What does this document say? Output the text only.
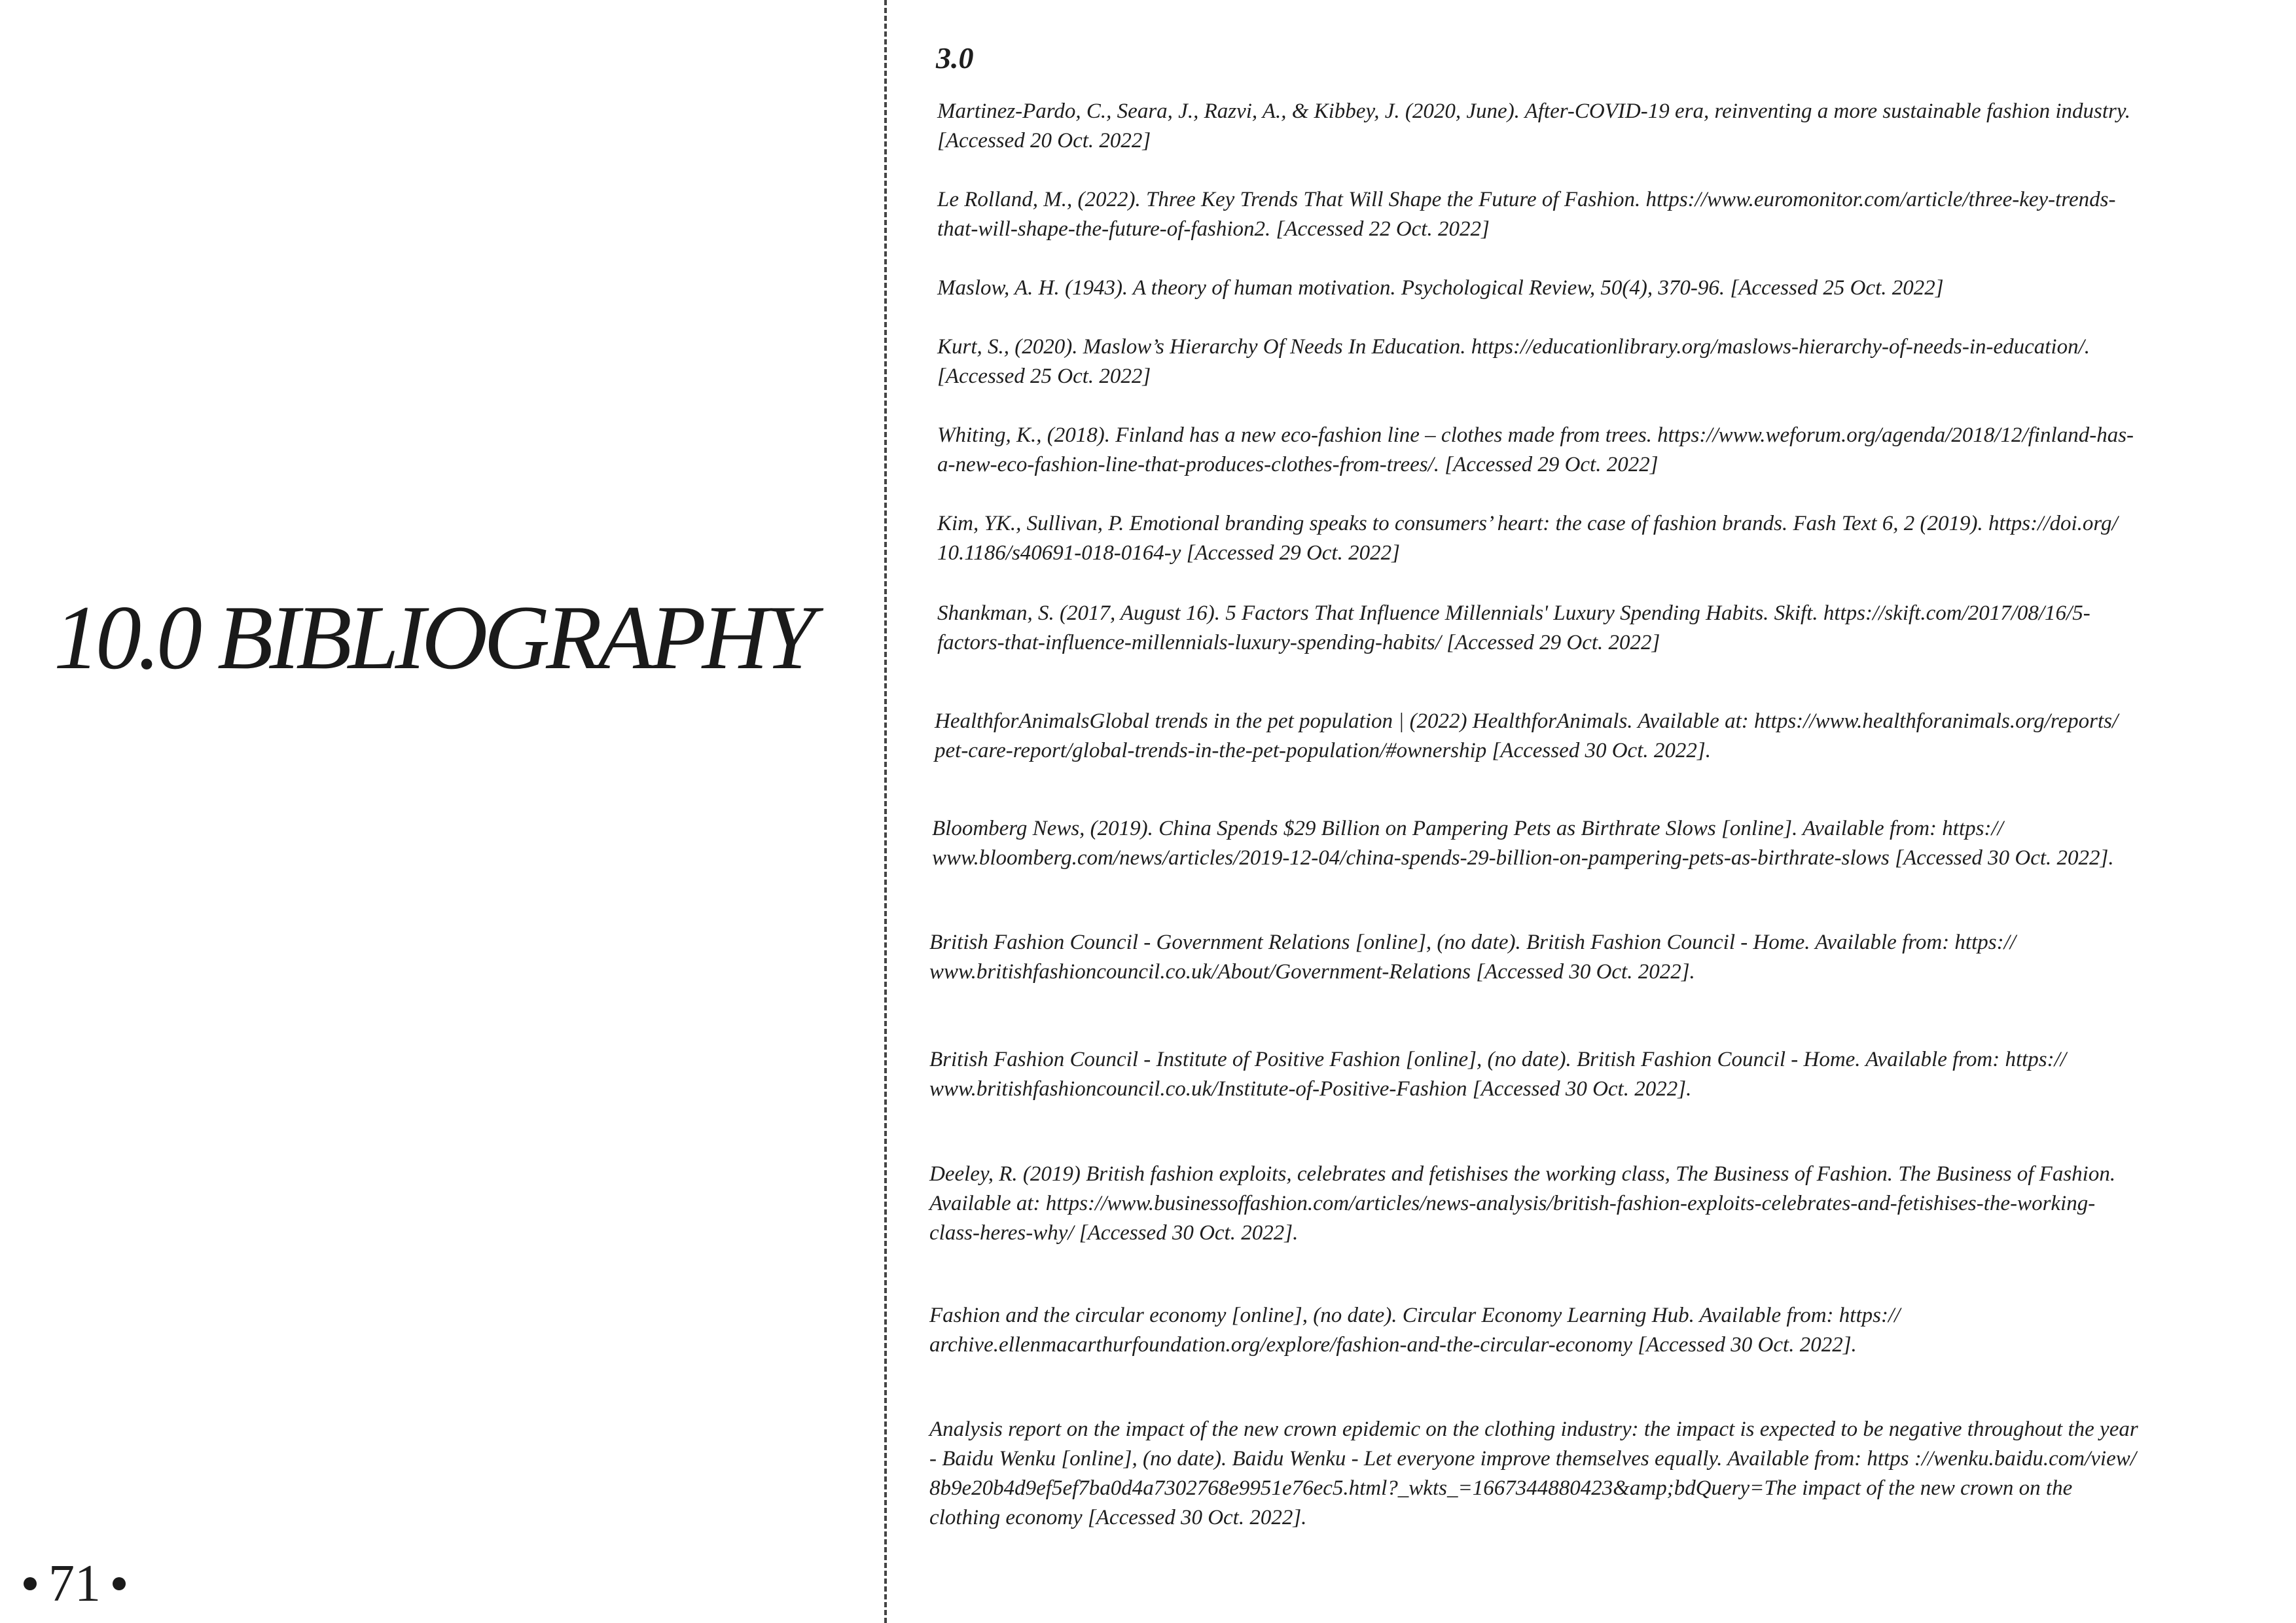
10.0 BIBLIOGRAPHY
71
3.0

Martinez-Pardo, C., Seara, J., Razvi, A., & Kibbey, J. (2020, June). After-COVID-19 era, reinventing a more sustainable fashion industry.

[Accessed 20 Oct. 2022]

Le Rolland, M., (2022). Three Key Trends That Will Shape the Future of Fashion. https://www.euromonitor.com/article/three-key-trends-

that-will-shape-the-future-of-fashion2. [Accessed 22 Oct. 2022]

Maslow, A. H. (1943). A theory of human motivation. Psychological Review, 50(4), 370-96. [Accessed 25 Oct. 2022]

Kurt, S., (2020). Maslow’s Hierarchy Of Needs In Education. https://educationlibrary.org/maslows-hierarchy-of-needs-in-education/.

[Accessed 25 Oct. 2022]

Whiting, K., (2018). Finland has a new eco-fashion line – clothes made from trees. https://www.weforum.org/agenda/2018/12/finland-has-

a-new-eco-fashion-line-that-produces-clothes-from-trees/. [Accessed 29 Oct. 2022]

Kim, YK., Sullivan, P. Emotional branding speaks to consumers’ heart: the case of fashion brands. Fash Text 6, 2 (2019). https://doi.org/

10.1186/s40691-018-0164-y [Accessed 29 Oct. 2022]

Shankman, S. (2017, August 16). 5 Factors That Influence Millennials' Luxury Spending Habits. Skift. https://skift.com/2017/08/16/5-

factors-that-influence-millennials-luxury-spending-habits/ [Accessed 29 Oct. 2022]

HealthforAnimalsGlobal trends in the pet population | (2022) HealthforAnimals. Available at: https://www.healthforanimals.org/reports/

pet-care-report/global-trends-in-the-pet-population/#ownership [Accessed 30 Oct. 2022].

Bloomberg News, (2019). China Spends $29 Billion on Pampering Pets as Birthrate Slows [online]. Available from: https://

www.bloomberg.com/news/articles/2019-12-04/china-spends-29-billion-on-pampering-pets-as-birthrate-slows [Accessed 30 Oct. 2022].

British Fashion Council - Government Relations [online], (no date). British Fashion Council - Home. Available from: https://

www.britishfashioncouncil.co.uk/About/Government-Relations [Accessed 30 Oct. 2022].

British Fashion Council - Institute of Positive Fashion [online], (no date). British Fashion Council - Home. Available from: https://

www.britishfashioncouncil.co.uk/Institute-of-Positive-Fashion [Accessed 30 Oct. 2022].

Deeley, R. (2019) British fashion exploits, celebrates and fetishises the working class, The Business of Fashion. The Business of Fashion.

Available at: https://www.businessoffashion.com/articles/news-analysis/british-fashion-exploits-celebrates-and-fetishises-the-working-

class-heres-why/ [Accessed 30 Oct. 2022].

Fashion and the circular economy [online], (no date). Circular Economy Learning Hub. Available from: https://

archive.ellenmacarthurfoundation.org/explore/fashion-and-the-circular-economy [Accessed 30 Oct. 2022].

Analysis report on the impact of the new crown epidemic on the clothing industry: the impact is expected to be negative throughout the year

- Baidu Wenku [online], (no date). Baidu Wenku - Let everyone improve themselves equally. Available from: https ://wenku.baidu.com/view/

8b9e20b4d9ef5ef7ba0d4a7302768e9951e76ec5.html?_wkts_=1667344880423&amp;bdQuery=The impact of the new crown on the

clothing economy [Accessed 30 Oct. 2022].
